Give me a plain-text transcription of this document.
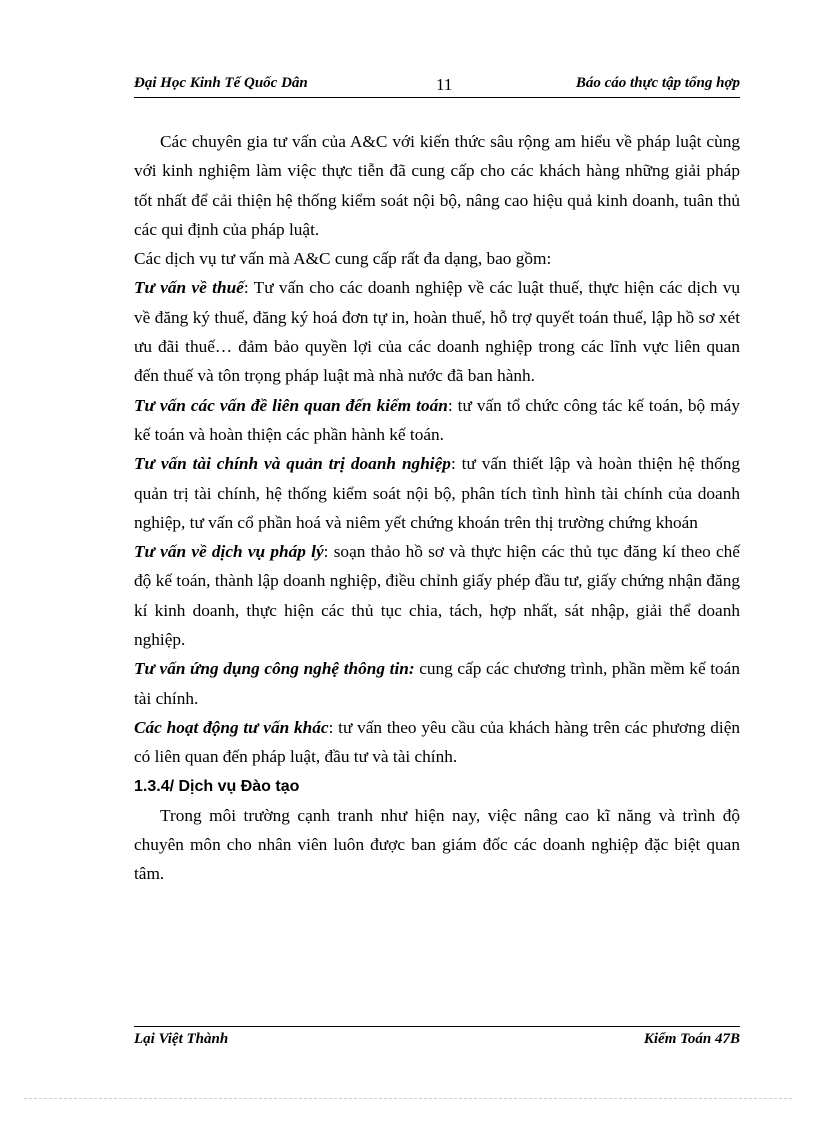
Đại Học Kinh Tế Quốc Dân	11	Báo cáo thực tập tổng hợp

Các chuyên gia tư vấn của A&C với kiến thức sâu rộng am hiểu về pháp luật cùng với kinh nghiệm làm việc thực tiễn đã cung cấp cho các khách hàng những giải pháp tốt nhất để cải thiện hệ thống kiểm soát nội bộ, nâng cao hiệu quả kinh doanh, tuân thủ các qui định của pháp luật.

Các dịch vụ tư vấn mà A&C cung cấp rất đa dạng, bao gồm:

Tư vấn về thuế: Tư vấn cho các doanh nghiệp về các luật thuế, thực hiện các dịch vụ về đăng ký thuế, đăng ký hoá đơn tự in, hoàn thuế, hỗ trợ quyết toán thuế, lập hồ sơ xét ưu đãi thuế… đảm bảo quyền lợi của các doanh nghiệp trong các lĩnh vực liên quan đến thuế và tôn trọng pháp luật mà nhà nước đã ban hành.

Tư vấn các vấn đề liên quan đến kiểm toán: tư vấn tổ chức công tác kế toán, bộ máy kế toán và hoàn thiện các phần hành kế toán.

Tư vấn tài chính và quản trị doanh nghiệp: tư vấn thiết lập và hoàn thiện hệ thống quản trị tài chính, hệ thống kiểm soát nội bộ, phân tích tình hình tài chính của doanh nghiệp, tư vấn cổ phần hoá và niêm yết chứng khoán trên thị trường chứng khoán

Tư vấn về dịch vụ pháp lý: soạn thảo hồ sơ và thực hiện các thủ tục đăng kí theo chế độ kế toán, thành lập doanh nghiệp, điều chỉnh giấy phép đầu tư, giấy chứng nhận đăng kí kinh doanh, thực hiện các thủ tục chia, tách, hợp nhất, sát nhập, giải thể doanh nghiệp.

Tư vấn ứng dụng công nghệ thông tin: cung cấp các chương trình, phần mềm kế toán tài chính.

Các hoạt động tư vấn khác: tư vấn theo yêu cầu của khách hàng trên các phương diện có liên quan đến pháp luật, đầu tư và tài chính.

1.3.4/ Dịch vụ Đào tạo

Trong môi trường cạnh tranh như hiện nay, việc nâng cao kĩ năng và trình độ chuyên môn cho nhân viên luôn được ban giám đốc các doanh nghiệp đặc biệt quan tâm.

Lại Việt Thành	Kiểm Toán 47B
